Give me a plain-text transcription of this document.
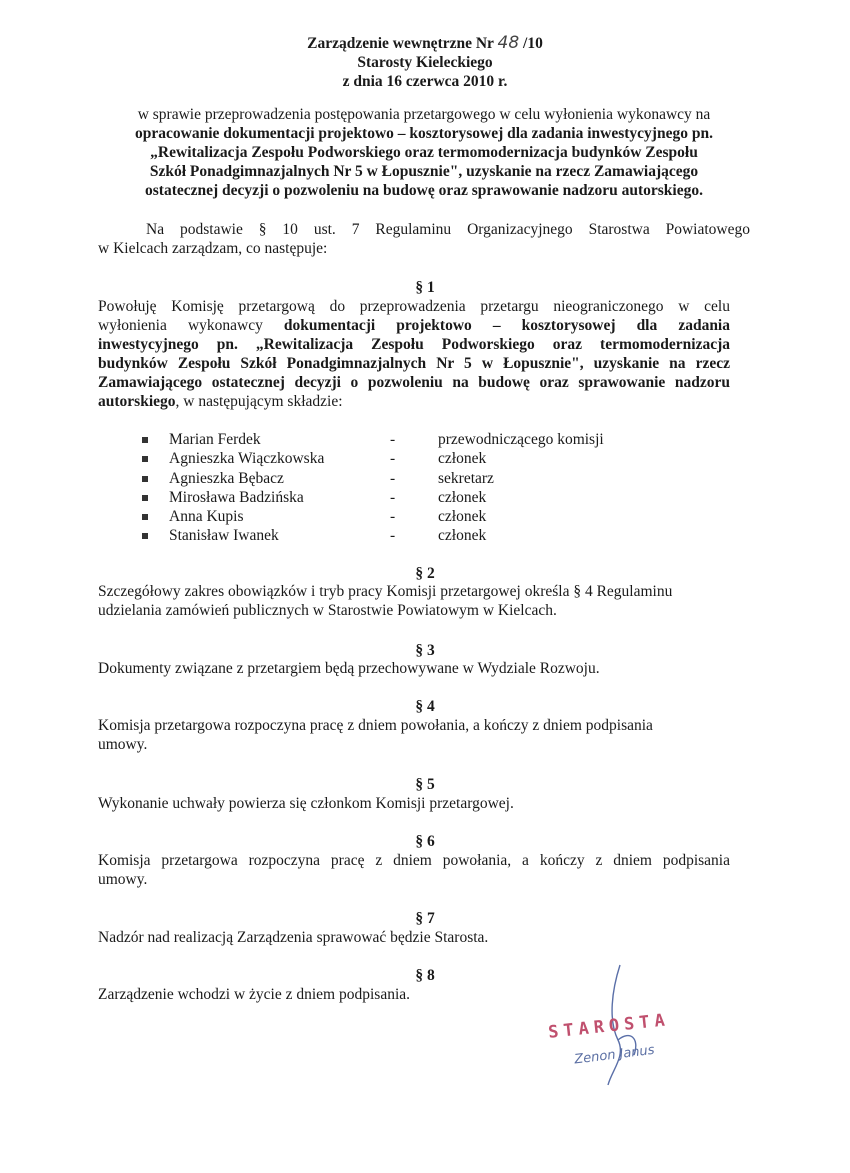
Zarządzenie wewnętrzne Nr 48 /10
Starosty Kieleckiego
z dnia 16 czerwca 2010 r.
w sprawie przeprowadzenia postępowania przetargowego w celu wyłonienia wykonawcy na
opracowanie dokumentacji projektowo – kosztorysowej dla zadania inwestycyjnego pn.
„Rewitalizacja Zespołu Podworskiego oraz termomodernizacja budynków Zespołu
Szkół Ponadgimnazjalnych Nr 5 w Łopusznie", uzyskanie na rzecz Zamawiającego
ostatecznej decyzji o pozwoleniu na budowę oraz sprawowanie nadzoru autorskiego.
Na podstawie § 10 ust. 7 Regulaminu Organizacyjnego Starostwa Powiatowego
w Kielcach zarządzam, co następuje:
§ 1
Powołuję Komisję przetargową do przeprowadzenia przetargu nieograniczonego w celu
wyłonienia wykonawcy dokumentacji projektowo – kosztorysowej dla zadania
inwestycyjnego pn. „Rewitalizacja Zespołu Podworskiego oraz termomodernizacja
budynków Zespołu Szkół Ponadgimnazjalnych Nr 5 w Łopusznie", uzyskanie na rzecz
Zamawiającego ostatecznej decyzji o pozwoleniu na budowę oraz sprawowanie nadzoru
autorskiego, w następującym składzie:
Marian Ferdek	-	przewodniczącego komisji
Agnieszka Wiączkowska	-	członek
Agnieszka Bębacz	-	sekretarz
Mirosława Badzińska	-	członek
Anna Kupis	-	członek
Stanisław Iwanek	-	członek
§ 2
Szczegółowy zakres obowiązków i tryb pracy Komisji przetargowej określa § 4 Regulaminu
udzielania zamówień publicznych w Starostwie Powiatowym w Kielcach.
§ 3
Dokumenty związane z przetargiem będą przechowywane w Wydziale Rozwoju.
§ 4
Komisja przetargowa rozpoczyna pracę z dniem powołania, a kończy z dniem podpisania
umowy.
§ 5
Wykonanie uchwały powierza się członkom Komisji przetargowej.
§ 6
Komisja przetargowa rozpoczyna pracę z dniem powołania, a kończy z dniem podpisania
umowy.
§ 7
Nadzór nad realizacją Zarządzenia sprawować będzie Starosta.
§ 8
Zarządzenie wchodzi w życie z dniem podpisania.
STAROSTA
Zenon Janus
